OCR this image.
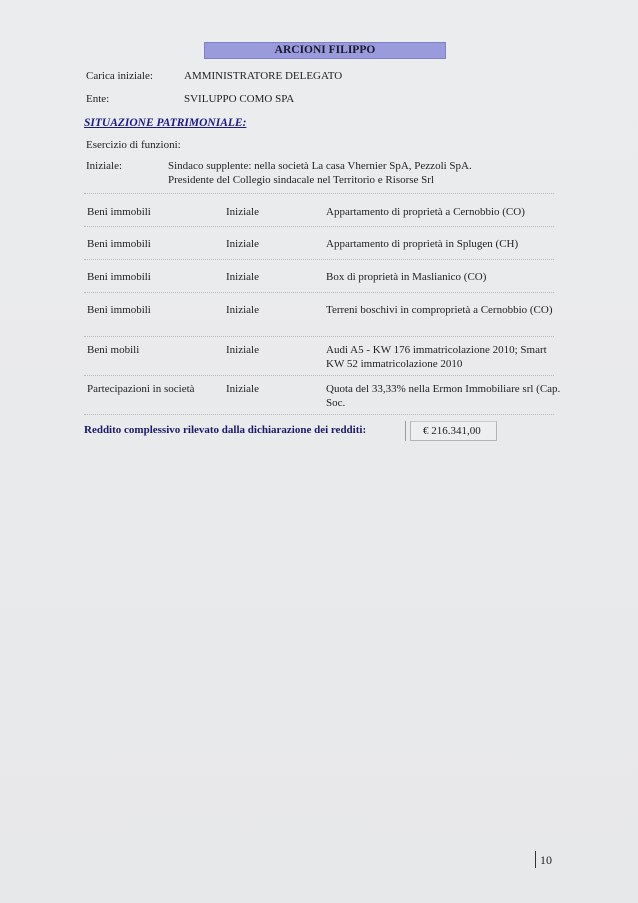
ARCIONI FILIPPO
Carica iniziale:	AMMINISTRATORE DELEGATO
Ente:	SVILUPPO COMO SPA
SITUAZIONE PATRIMONIALE:
Esercizio di funzioni:
Iniziale:	Sindaco supplente: nella società La casa Vhernier SpA, Pezzoli SpA.
Presidente del Collegio sindacale nel Territorio e Risorse Srl
Beni immobili	Iniziale	Appartamento di proprietà a Cernobbio (CO)
Beni immobili	Iniziale	Appartamento di proprietà in Splugen (CH)
Beni immobili	Iniziale	Box di proprietà in Maslianico (CO)
Beni immobili	Iniziale	Terreni boschivi in comproprietà a Cernobbio (CO)
Beni mobili	Iniziale	Audi A5 - KW 176 immatricolazione 2010; Smart KW 52 immatricolazione 2010
Partecipazioni in società	Iniziale	Quota del 33,33% nella Ermon Immobiliare srl (Cap. Soc.
Reddito complessivo rilevato dalla dichiarazione dei redditi:	€ 216.341,00
10
